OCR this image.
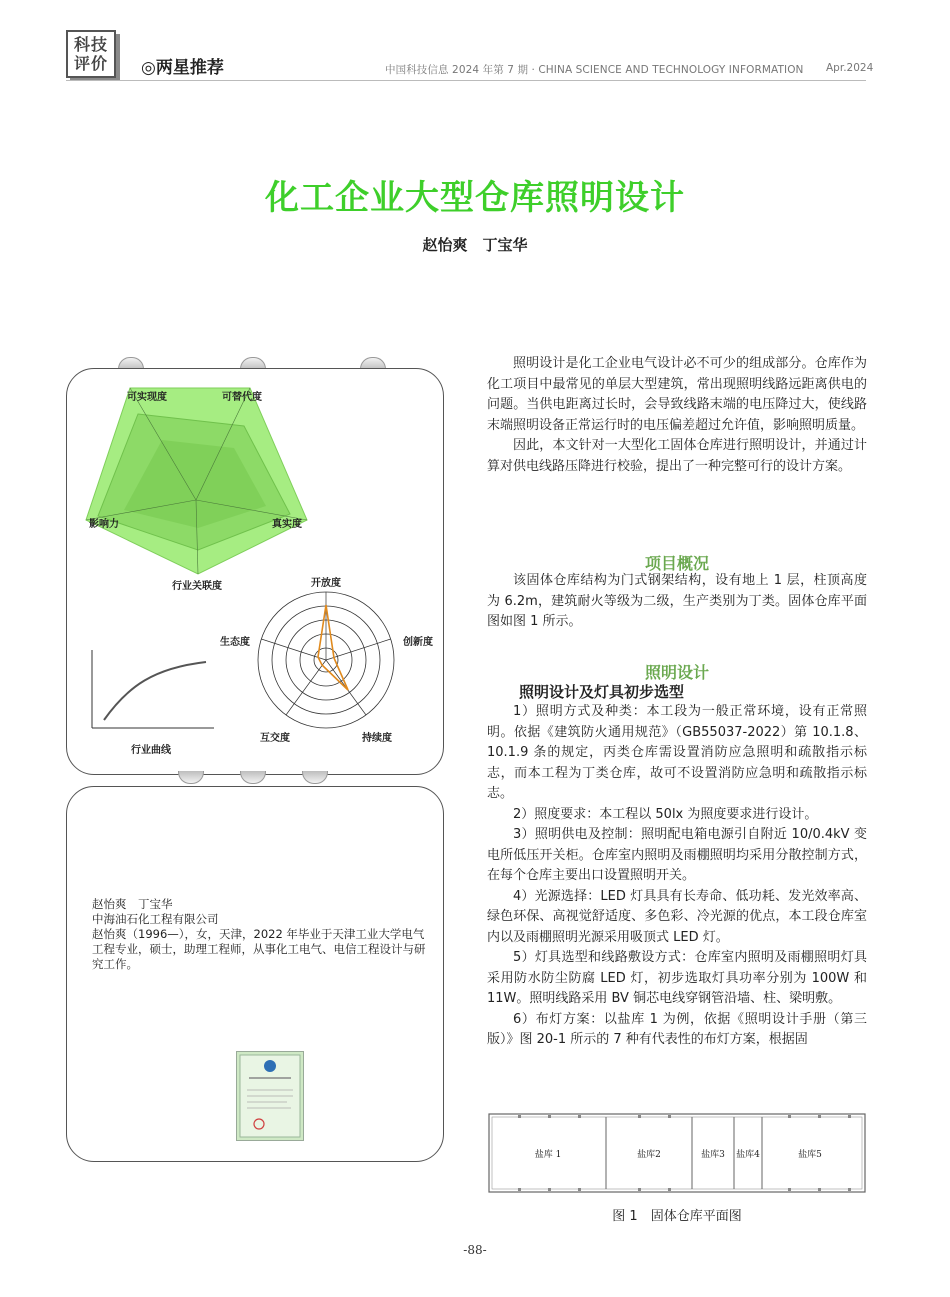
科技
评价 ◎两星推荐	中国科技信息 2024 年第 7 期 · CHINA SCIENCE AND TECHNOLOGY INFORMATION Apr.2024
化工企业大型仓库照明设计
赵怡爽　丁宝华
可实现度	可替代度
真实度
行业关联度
影响力
开放度
创新度
持续度
互交度
生态度
行业曲线
赵怡爽　丁宝华
中海油石化工程有限公司
赵怡爽（1996—），女，天津，2022 年毕业于天津工业大学电气工程专业，硕士，助理工程师，从事化工电气、电信工程设计与研究工作。

照明设计是化工企业电气设计必不可少的组成部分。仓库作为化工项目中最常见的单层大型建筑，常出现照明线路远距离供电的问题。当供电距离过长时，会导致线路末端的电压降过大，使线路末端照明设备正常运行时的电压偏差超过允许值，影响照明质量。

因此，本文针对一大型化工固体仓库进行照明设计，并通过计算对供电线路压降进行校验，提出了一种完整可行的设计方案。

项目概况

该固体仓库结构为门式钢架结构，设有地上 1 层，柱顶高度为 6.2m，建筑耐火等级为二级，生产类别为丁类。固体仓库平面图如图 1 所示。

照明设计
照明设计及灯具初步选型

1）照明方式及种类：本工段为一般正常环境，设有正常照明。依据《建筑防火通用规范》（GB55037-2022）第 10.1.8、10.1.9 条的规定，丙类仓库需设置消防应急照明和疏散指示标志，而本工程为丁类仓库，故可不设置消防应急明和疏散指示标志。

2）照度要求：本工程以 50lx 为照度要求进行设计。

3）照明供电及控制：照明配电箱电源引自附近 10/0.4kV 变电所低压开关柜。仓库室内照明及雨棚照明均采用分散控制方式，在每个仓库主要出口设置照明开关。

4）光源选择：LED 灯具具有长寿命、低功耗、发光效率高、绿色环保、高视觉舒适度、多色彩、冷光源的优点，本工段仓库室内以及雨棚照明光源采用吸顶式 LED 灯。

5）灯具选型和线路敷设方式：仓库室内照明及雨棚照明灯具采用防水防尘防腐 LED 灯，初步选取灯具功率分别为 100W 和 11W。照明线路采用 BV 铜芯电线穿钢管沿墙、柱、梁明敷。

6）布灯方案：以盐库 1 为例，依据《照明设计手册（第三版）》图 20-1 所示的 7 种有代表性的布灯方案，根据固

盐库 1	盐库2	盐库3 盐库4	盐库5
图 1　固体仓库平面图
-88-
